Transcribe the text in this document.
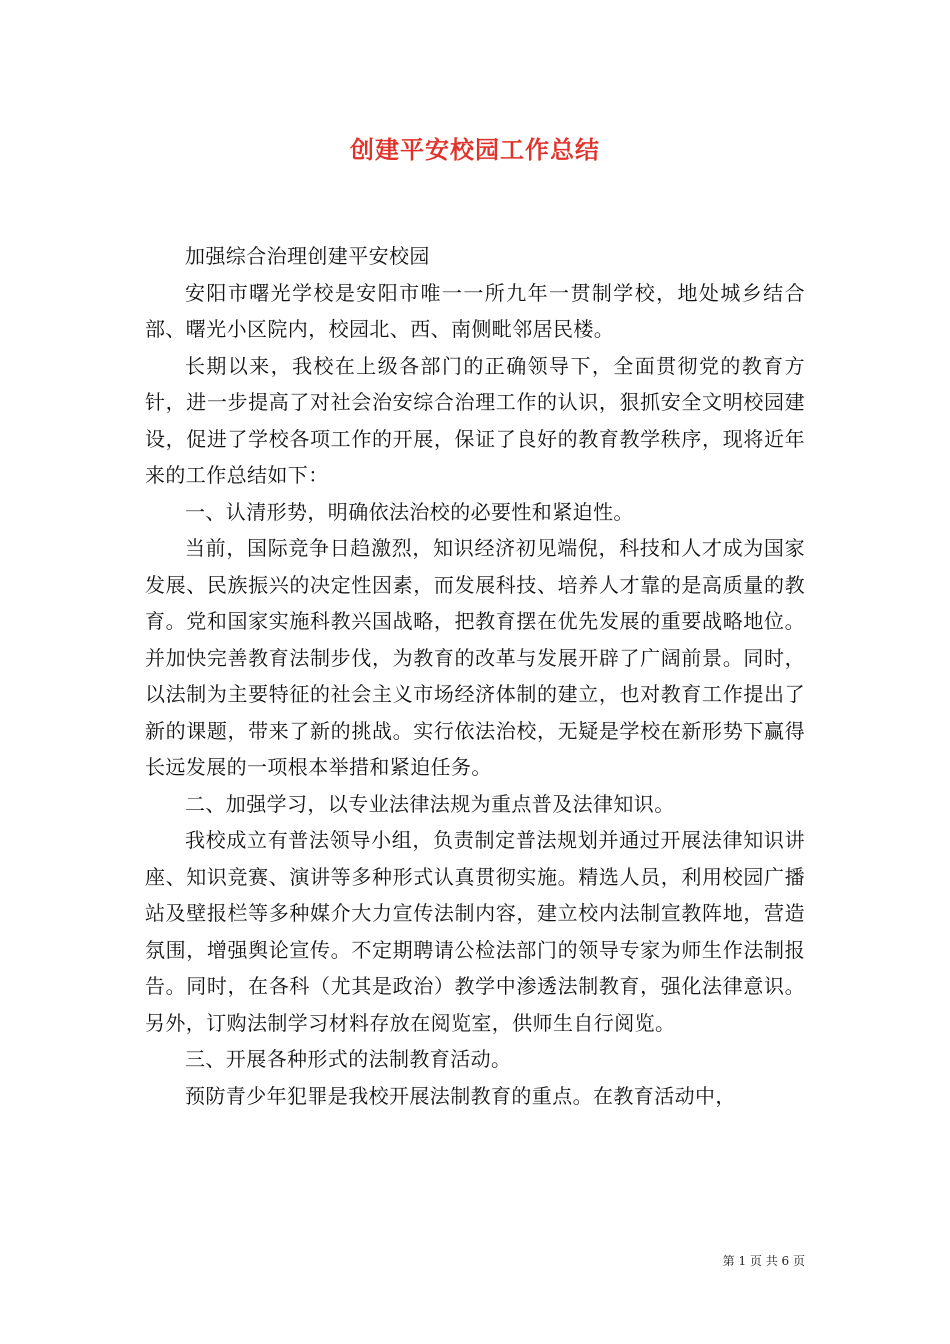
创建平安校园工作总结

加强综合治理创建平安校园

安阳市曙光学校是安阳市唯一一所九年一贯制学校，地处城乡结合部、曙光小区院内，校园北、西、南侧毗邻居民楼。

长期以来，我校在上级各部门的正确领导下，全面贯彻党的教育方针，进一步提高了对社会治安综合治理工作的认识，狠抓安全文明校园建设，促进了学校各项工作的开展，保证了良好的教育教学秩序，现将近年来的工作总结如下：

一、认清形势，明确依法治校的必要性和紧迫性。

当前，国际竞争日趋激烈，知识经济初见端倪，科技和人才成为国家发展、民族振兴的决定性因素，而发展科技、培养人才靠的是高质量的教育。党和国家实施科教兴国战略，把教育摆在优先发展的重要战略地位。并加快完善教育法制步伐，为教育的改革与发展开辟了广阔前景。同时，以法制为主要特征的社会主义市场经济体制的建立，也对教育工作提出了新的课题，带来了新的挑战。实行依法治校，无疑是学校在新形势下赢得长远发展的一项根本举措和紧迫任务。

二、加强学习，以专业法律法规为重点普及法律知识。

我校成立有普法领导小组，负责制定普法规划并通过开展法律知识讲座、知识竞赛、演讲等多种形式认真贯彻实施。精选人员，利用校园广播站及壁报栏等多种媒介大力宣传法制内容，建立校内法制宣教阵地，营造氛围，增强舆论宣传。不定期聘请公检法部门的领导专家为师生作法制报告。同时，在各科（尤其是政治）教学中渗透法制教育，强化法律意识。另外，订购法制学习材料存放在阅览室，供师生自行阅览。

三、开展各种形式的法制教育活动。

预防青少年犯罪是我校开展法制教育的重点。在教育活动中，

第 1 页 共 6 页
